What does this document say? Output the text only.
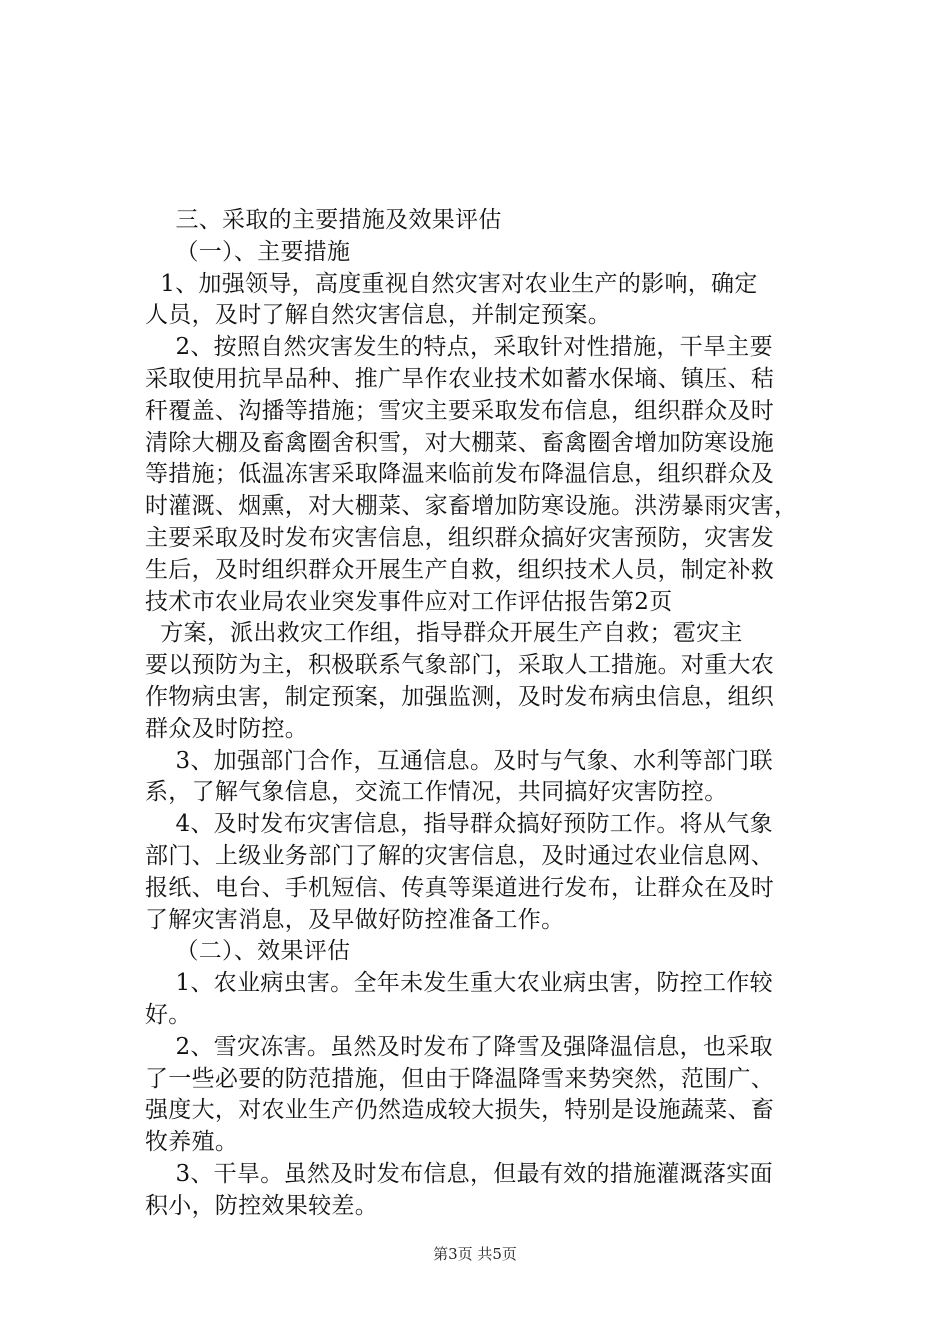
三、采取的主要措施及效果评估
（一）、主要措施
1、加强领导，高度重视自然灾害对农业生产的影响，确定
人员，及时了解自然灾害信息，并制定预案。
2、按照自然灾害发生的特点，采取针对性措施，干旱主要
采取使用抗旱品种、推广旱作农业技术如蓄水保墒、镇压、秸
秆覆盖、沟播等措施；雪灾主要采取发布信息，组织群众及时
清除大棚及畜禽圈舍积雪，对大棚菜、畜禽圈舍增加防寒设施
等措施；低温冻害采取降温来临前发布降温信息，组织群众及
时灌溉、烟熏，对大棚菜、家畜增加防寒设施。洪涝暴雨灾害，
主要采取及时发布灾害信息，组织群众搞好灾害预防，灾害发
生后，及时组织群众开展生产自救，组织技术人员，制定补救
技术市农业局农业突发事件应对工作评估报告第2页
方案，派出救灾工作组，指导群众开展生产自救；雹灾主
要以预防为主，积极联系气象部门，采取人工措施。对重大农
作物病虫害，制定预案，加强监测，及时发布病虫信息，组织
群众及时防控。
3、加强部门合作，互通信息。及时与气象、水利等部门联
系，了解气象信息，交流工作情况，共同搞好灾害防控。
4、及时发布灾害信息，指导群众搞好预防工作。将从气象
部门、上级业务部门了解的灾害信息，及时通过农业信息网、
报纸、电台、手机短信、传真等渠道进行发布，让群众在及时
了解灾害消息，及早做好防控准备工作。
（二）、效果评估
1、农业病虫害。全年未发生重大农业病虫害，防控工作较
好。
2、雪灾冻害。虽然及时发布了降雪及强降温信息，也采取
了一些必要的防范措施，但由于降温降雪来势突然，范围广、
强度大，对农业生产仍然造成较大损失，特别是设施蔬菜、畜
牧养殖。
3、干旱。虽然及时发布信息，但最有效的措施灌溉落实面
积小，防控效果较差。
第3页 共5页
